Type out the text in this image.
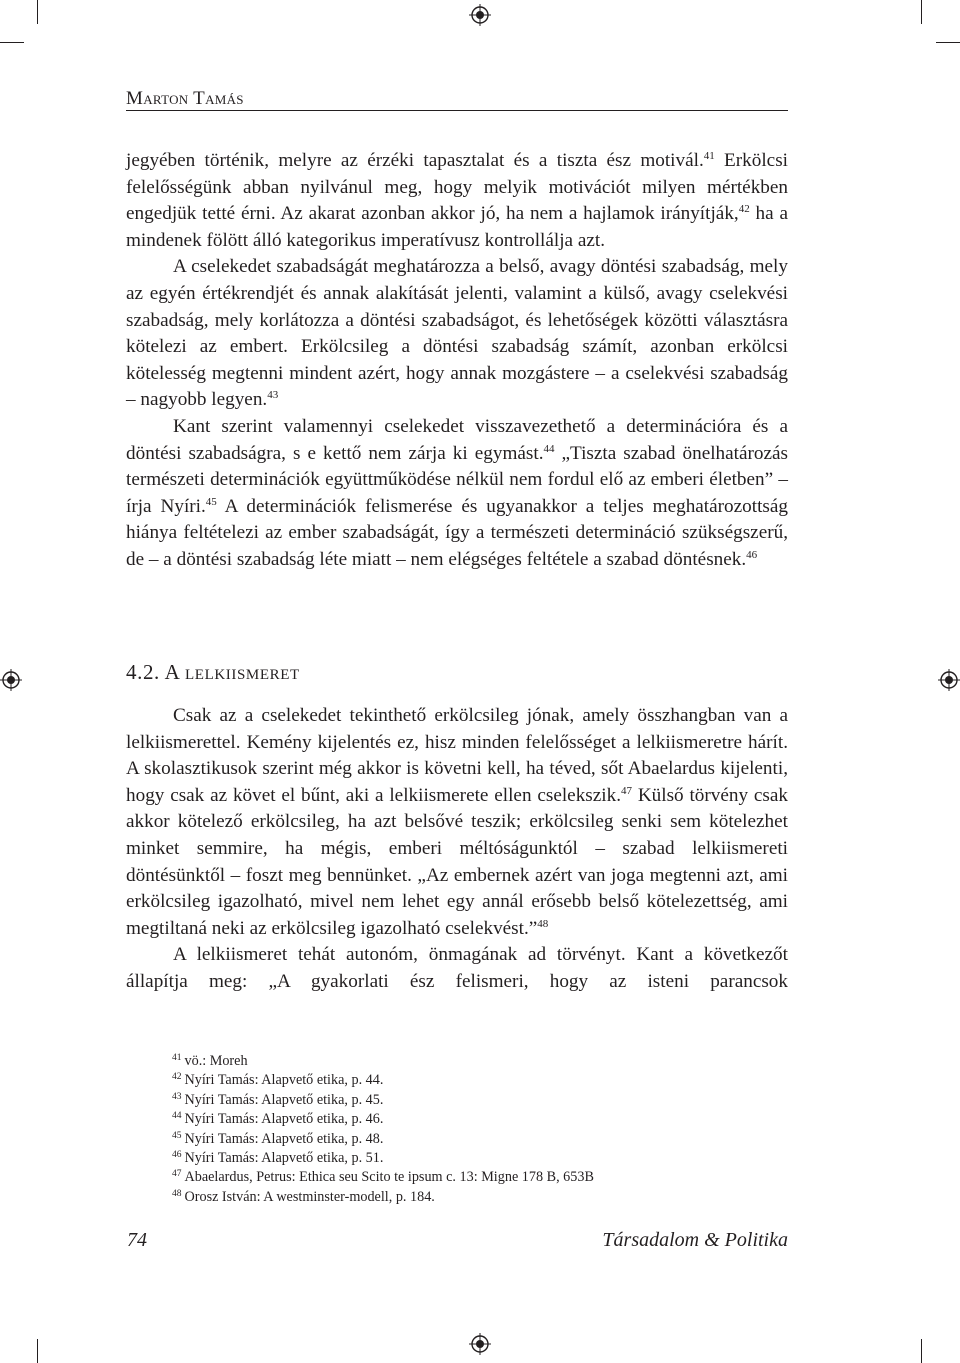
Marton Tamás

jegyében történik, melyre az érzéki tapasztalat és a tiszta ész motivál.$^{41}$ Erkölcsi felelősségünk abban nyilvánul meg, hogy melyik motivációt milyen mértékben engedjük tetté érni. Az akarat azonban akkor jó, ha nem a hajlamok irányítják,$^{42}$ ha a mindenek fölött álló kategorikus imperatívusz kontrollálja azt.

A cselekedet szabadságát meghatározza a belső, avagy döntési szabadság, mely az egyén értékrendjét és annak alakítását jelenti, valamint a külső, avagy cselekvési szabadság, mely korlátozza a döntési szabadságot, és lehetőségek közötti választásra kötelezi az embert. Erkölcsileg a döntési szabadság számít, azonban erkölcsi kötelesség megtenni mindent azért, hogy annak mozgástere – a cselekvési szabadság – nagyobb legyen.$^{43}$

Kant szerint valamennyi cselekedet visszavezethető a determinációra és a döntési szabadságra, s e kettő nem zárja ki egymást.$^{44}$ „Tiszta szabad önelhatározás természeti determinációk együttműködése nélkül nem fordul elő az emberi életben” – írja Nyíri.$^{45}$ A determinációk felismerése és ugyanakkor a teljes meghatározottság hiánya feltételezi az ember szabadságát, így a természeti determináció szükségszerű, de – a döntési szabadság léte miatt – nem elégséges feltétele a szabad döntésnek.$^{46}$

4.2. A lelkiismeret

Csak az a cselekedet tekinthető erkölcsileg jónak, amely összhangban van a lelkiismerettel. Kemény kijelentés ez, hisz minden felelősséget a lelkiismeretre hárít. A skolasztikusok szerint még akkor is követni kell, ha téved, sőt Abaelardus kijelenti, hogy csak az követ el bűnt, aki a lelkiismerete ellen cselekszik.$^{47}$ Külső törvény csak akkor kötelező erkölcsileg, ha azt belsővé teszik; erkölcsileg senki sem kötelezhet minket semmire, ha mégis, emberi méltóságunktól – szabad lelkiismereti döntésünktől – foszt meg bennünket. „Az embernek azért van joga megtenni azt, ami erkölcsileg igazolható, mivel nem lehet egy annál erősebb belső kötelezettség, ami megtiltaná neki az erkölcsileg igazolható cselekvést.”$^{48}$

A lelkiismeret tehát autonóm, önmagának ad törvényt. Kant a következőt állapítja meg: „A gyakorlati ész felismeri, hogy az isteni parancsok

$^{41}$ vö.: Moreh
$^{42}$ Nyíri Tamás: Alapvető etika, p. 44.
$^{43}$ Nyíri Tamás: Alapvető etika, p. 45.
$^{44}$ Nyíri Tamás: Alapvető etika, p. 46.
$^{45}$ Nyíri Tamás: Alapvető etika, p. 48.
$^{46}$ Nyíri Tamás: Alapvető etika, p. 51.
$^{47}$ Abaelardus, Petrus: Ethica seu Scito te ipsum c. 13: Migne 178 B, 653B
$^{48}$ Orosz István: A westminster-modell, p. 184.
74	Társadalom & Politika
